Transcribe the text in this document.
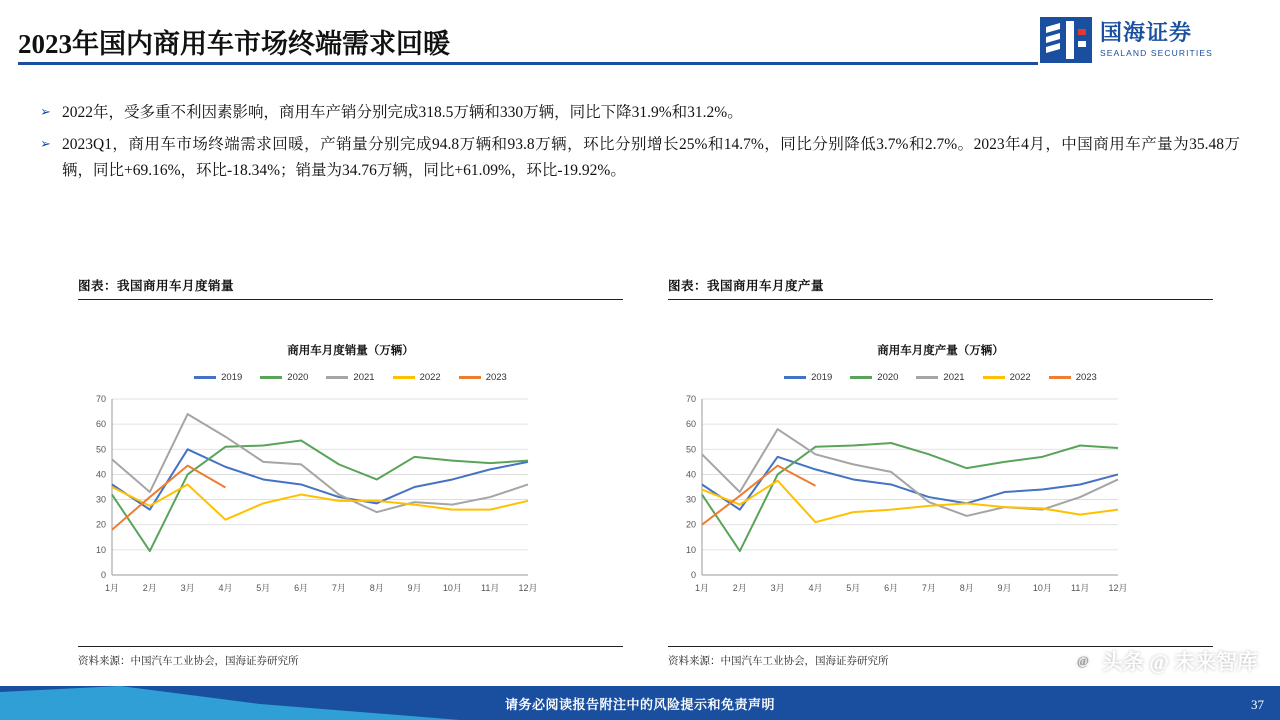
2023年国内商用车市场终端需求回暖	国海证券
SEALAND SECURITIES
➢ 2022年，受多重不利因素影响，商用车产销分别完成318.5万辆和330万辆，同比下降31.9%和31.2%。
➢ 2023Q1，商用车市场终端需求回暖，产销量分别完成94.8万辆和93.8万辆，环比分别增长25%和14.7%，同比分别降低3.7%和2.7%。2023年4月，中国商用车产量为35.48万辆，同比+69.16%，环比-18.34%；销量为34.76万辆，同比+61.09%，环比-19.92%。
图表：我国商用车月度销量
商用车月度销量（万辆）
2019	2020	2021	2022	2023
0
10
20
30
40
50
60
70
1月	2月	3月	4月	5月	6月	7月	8月	9月 10月 11月 12月
资料来源：中国汽车工业协会，国海证券研究所
图表：我国商用车月度产量
商用车月度产量（万辆）
2019	2020	2021	2022	2023
0
10
20
30
40
50
60
70
1月	2月	3月	4月	5月	6月	7月	8月	9月 10月 11月 12月
资料来源：中国汽车工业协会，国海证券研究所	@ 头条 @ 未来智库
请务必阅读报告附注中的风险提示和免责声明	37
